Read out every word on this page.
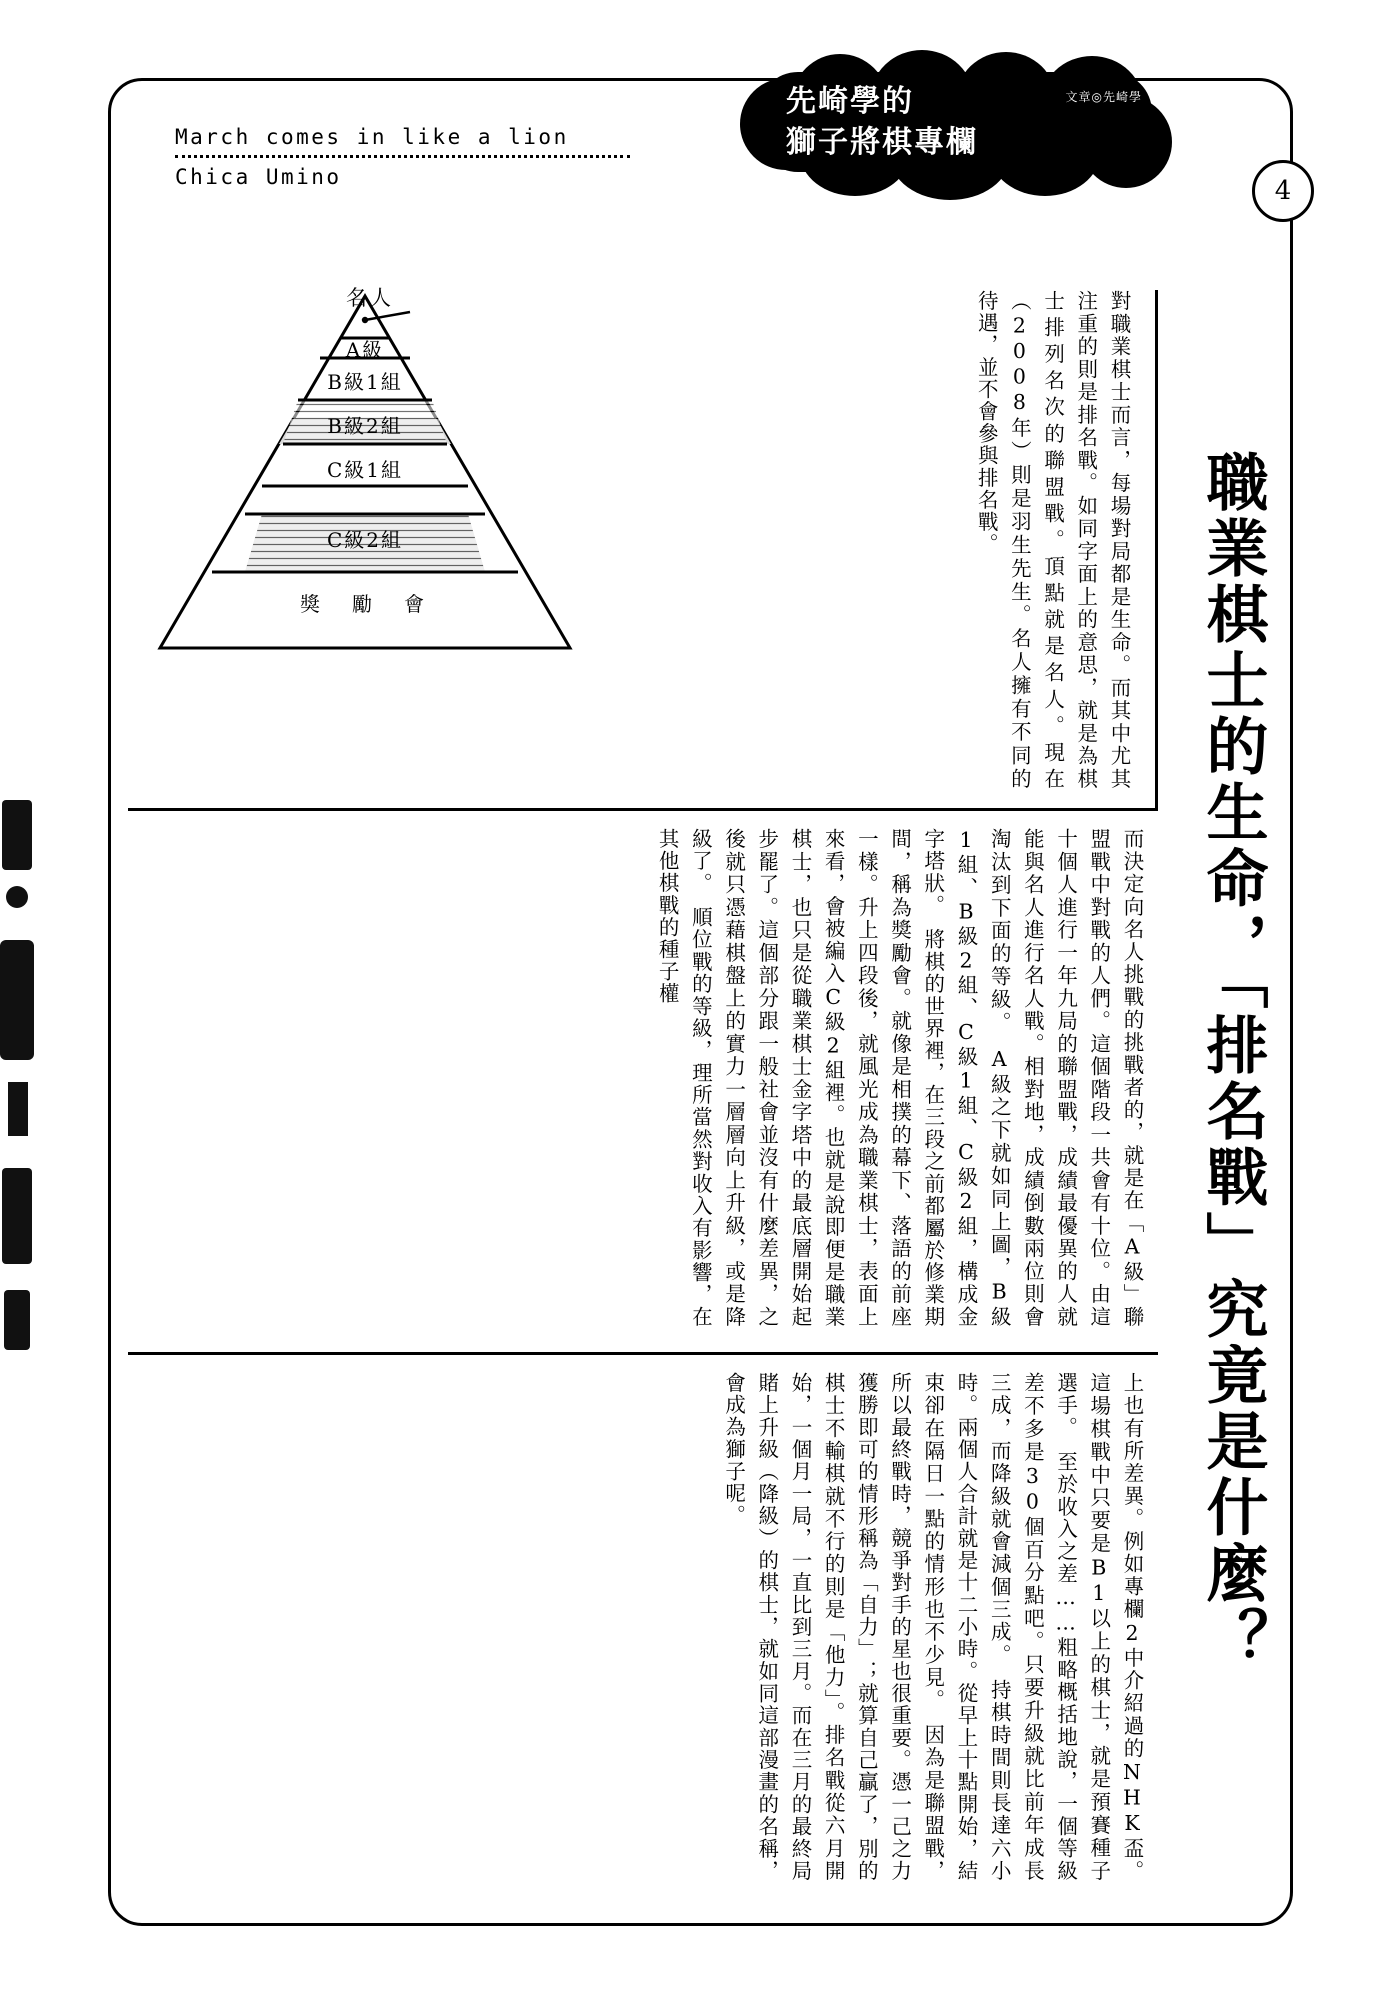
先崎學的
獅子將棋專欄
文章◎先崎學
4
March comes in like a lion
Chica Umino
職業棋士的生命，「排名戰」究竟是什麼？
名人
A級
B級1組
B級2組
C級1組
C級2組
獎　勵　會	對職業棋士而言，每場對局都是生命。而其中尤其注重的則是排名戰。如同字面上的意思，就是為棋士排列名次的聯盟戰。頂點就是名人。現在（2008年）則是羽生先生。名人擁有不同的待遇，並不會參與排名戰。
而決定向名人挑戰的挑戰者的，就是在「A級」聯盟戰中對戰的人們。這個階段一共會有十位。由這十個人進行一年九局的聯盟戰，成績最優異的人就能與名人進行名人戰。相對地，成績倒數兩位則會淘汰到下面的等級。　A級之下就如同上圖，B級1組、B級2組、C級1組、C級2組，構成金字塔狀。　將棋的世界裡，在三段之前都屬於修業期間，稱為獎勵會。就像是相撲的幕下、落語的前座一樣。升上四段後，就風光成為職業棋士，表面上來看，會被編入C級2組裡。也就是說即便是職業棋士，也只是從職業棋士金字塔中的最底層開始起步罷了。這個部分跟一般社會並沒有什麼差異，之後就只憑藉棋盤上的實力一層層向上升級，或是降級了。　順位戰的等級，理所當然對收入有影響，在其他棋戰的種子權
上也有所差異。例如專欄2中介紹過的NHK盃。這場棋戰中只要是B1以上的棋士，就是預賽種子選手。　至於收入之差……粗略概括地說，一個等級差不多是30個百分點吧。只要升級就比前年成長三成，而降級就會減個三成。　持棋時間則長達六小時。兩個人合計就是十二小時。從早上十點開始，結束卻在隔日一點的情形也不少見。　因為是聯盟戰，所以最終戰時，競爭對手的星也很重要。憑一己之力獲勝即可的情形稱為「自力」；就算自己贏了，別的棋士不輸棋就不行的則是「他力」。排名戰從六月開始，一個月一局，一直比到三月。而在三月的最終局賭上升級（降級）的棋士，就如同這部漫畫的名稱，會成為獅子呢。
